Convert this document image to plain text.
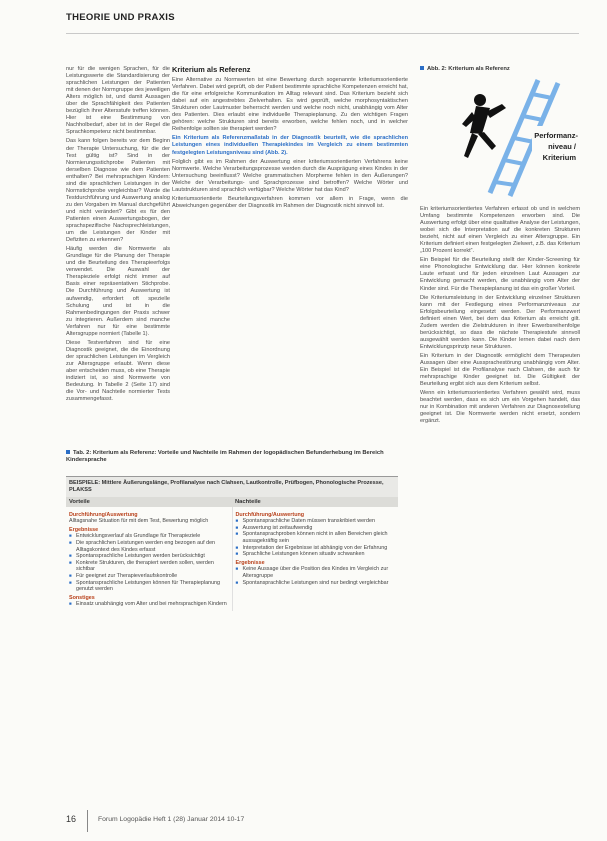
THEORIE UND PRAXIS

nur für die wenigen Sprachen, für die Leistungswerte die Standardisierung der sprachlichen Leistungen der Patienten mit denen der Normgruppe des jeweiligen Alters möglich ist, und damit Aussagen über die Sprachfähigkeit des Patienten bezüglich ihrer Altersstufe treffen können. Hier ist eine Bestimmung von Nachholbedarf, aber ist in der Regel die Sprachkompetenz nicht bestimmbar.

Das kann folgen bereits vor dem Beginn der Therapie Untersuchung, für die der Test gültig ist? Sind in der Normierungsstichprobe Patienten mit derselben Diagnose wie dem Patienten enthalten? Bei mehrsprachigen Kindern: sind die sprachlichen Leistungen in der Normstichprobe vergleichbar? Wurde die Testdurchführung und Auswertung analog zu den Vorgaben im Manual durchgeführt und nicht verändert? Gibt es für den Patienten einen Auswertungsbogen, der sprachspezifische Nachsprechleistungen, um die Leistungen der Kinder mit Defiziten zu erkennen?

Häufig werden die Normwerte als Grundlage für die Planung der Therapie und die Beurteilung des Therapieerfolgs verwendet. Die Auswahl der Therapieziele erfolgt nicht immer auf Basis einer repräsentativen Stichprobe. Die Durchführung und Auswertung ist aufwendig, erfordert oft spezielle Schulung und ist in die Rahmenbedingungen der Praxis schwer zu integrieren. Außerdem sind manche Verfahren nur für eine bestimmte Altersgruppe normiert (Tabelle 1).

Diese Testverfahren sind für eine Diagnostik geeignet, die die Einordnung der sprachlichen Leistungen im Vergleich zur Altersgruppe erlaubt. Wenn diese aber entscheiden muss, ob eine Therapie indiziert ist, so sind Normwerte von Bedeutung. In Tabelle 2 (Seite 17) sind die Vor- und Nachteile normierter Tests zusammengefasst.

Kriterium als Referenz

Eine Alternative zu Normwerten ist eine Bewertung durch sogenannte kriteriumsorientierte Verfahren. Dabei wird geprüft, ob der Patient bestimmte sprachliche Kompetenzen erreicht hat, die für eine erfolgreiche Kommunikation im Alltag relevant sind. Das Kriterium bezieht sich dabei auf ein angestrebtes Zielverhalten. Es wird geprüft, welche morphosyntaktischen Strukturen oder Lautmuster beherrscht werden und welche noch nicht, unabhängig vom Alter des Patienten. Dies erlaubt eine individuelle Therapieplanung. Zu den wichtigen Fragen gehören: welche Strukturen sind bereits erworben, welche fehlen noch, und in welcher Reihenfolge sollten sie therapiert werden?

Ein Kriterium als Referenzmaßstab in der Diagnostik beurteilt, wie die sprachlichen Leistungen eines individuellen Therapiekindes im Vergleich zu einem bestimmten festgelegten Leistungsniveau sind (Abb. 2).

Folglich gibt es im Rahmen der Auswertung einer kriteriumsorientierten Verfahrens keine Normwerte. Welche Verarbeitungsprozesse werden durch die Ausprägung eines Kindes in der Untersuchung beeinflusst? Welche grammatischen Morpheme fehlen in den Äußerungen? Welche der Verarbeitungs- und Sprachprozesse sind betroffen? Welche Wörter und Lautstrukturen sind sprachlich verfügbar? Welche Wörter hat das Kind?

Kriteriumsorientierte Beurteilungsverfahren kommen vor allem in Frage, wenn die Abweichungen gegenüber der Diagnostik im Rahmen der Diagnostik nicht sinnvoll ist.

Abb. 2: Kriterium als Referenz
Performanz-
niveau /
Kriterium

Ein kriteriumsorientiertes Verfahren erfasst ob und in welchem Umfang bestimmte Kompetenzen erworben sind. Die Auswertung erfolgt über eine qualitative Analyse der Leistungen, wobei sich die Interpretation auf die konkreten Strukturen bezieht, nicht auf einen Vergleich zu einer Altersgruppe. Ein Kriterium definiert einen festgelegten Zielwert, z.B. das Kriterium „100 Prozent korrekt“.

Ein Beispiel für die Beurteilung stellt der Kinder-Screening für eine Phonologische Entwicklung dar. Hier können konkrete Laute erfasst und für jeden einzelnen Laut Aussagen zur Entwicklung gemacht werden, die unabhängig vom Alter der Kinder sind. Für die Therapieplanung ist das ein großer Vorteil.

Die Kriteriumsleistung in der Entwicklung einzelner Strukturen kann mit der Festlegung eines Performanzniveaus zur Erfolgsbeurteilung eingesetzt werden. Der Performanzwert definiert einen Wert, bei dem das Kriterium als erreicht gilt. Zudem werden die Zielstrukturen in ihrer Erwerbsreihenfolge berücksichtigt, so dass die nächste Therapiestufe sinnvoll ausgewählt werden kann. Die Kinder lernen dabei nach dem Entwicklungsprinzip neue Strukturen.

Ein Kriterium in der Diagnostik ermöglicht dem Therapeuten Aussagen über eine Aussprachestörung unabhängig vom Alter. Ein Beispiel ist die Profilanalyse nach Clahsen, die auch für mehrsprachige Kinder geeignet ist. Die Gültigkeit der Beurteilung ergibt sich aus dem Kriterium selbst.

Wenn ein kriteriumsorientiertes Verfahren gewählt wird, muss beachtet werden, dass es sich um ein Vorgehen handelt, das nur in Kombination mit anderen Verfahren zur Diagnosestellung geeignet ist. Die Normwerte werden nicht ersetzt, sondern ergänzt.

Tab. 2: Kriterium als Referenz: Vorteile und Nachteile im Rahmen der logopädischen Befunderhebung im Bereich Kindersprache
BEISPIELE: Mittlere Äußerungslänge, Profilanalyse nach Clahsen, Lautkontrolle, Prüfbogen, Phonologische Prozesse, PLAKSS
Vorteile	Nachteile
Durchführung/Auswertung
Alltagsnahe Situation für mit dem Test, Bewertung möglich
Ergebnisse
■ Entwicklungsverlauf als Grundlage für Therapieziele
■ Die sprachlichen Leistungen werden eng bezogen auf den Alltagskontext des Kindes erfasst
■ Spontansprachliche Leistungen werden berücksichtigt
■ Konkrete Strukturen, die therapiert werden sollen, werden sichtbar
■ Für geeignet zur Therapieverlaufskontrolle
■ Spontansprachliche Leistungen können für Therapieplanung genutzt werden
Sonstiges
■ Einsatz unabhängig vom Alter und bei mehrsprachigen Kindern
Durchführung/Auswertung
■ Spontansprachliche Daten müssen transkribiert werden
■ Auswertung ist zeitaufwendig
■ Spontansprachproben können nicht in allen Bereichen gleich aussagekräftig sein
■ Interpretation der Ergebnisse ist abhängig von der Erfahrung
■ Sprachliche Leistungen können situativ schwanken
Ergebnisse
■ Keine Aussage über die Position des Kindes im Vergleich zur Altersgruppe
■ Spontansprachliche Leistungen sind nur bedingt vergleichbar
16	Forum Logopädie Heft 1 (28) Januar 2014 10-17
